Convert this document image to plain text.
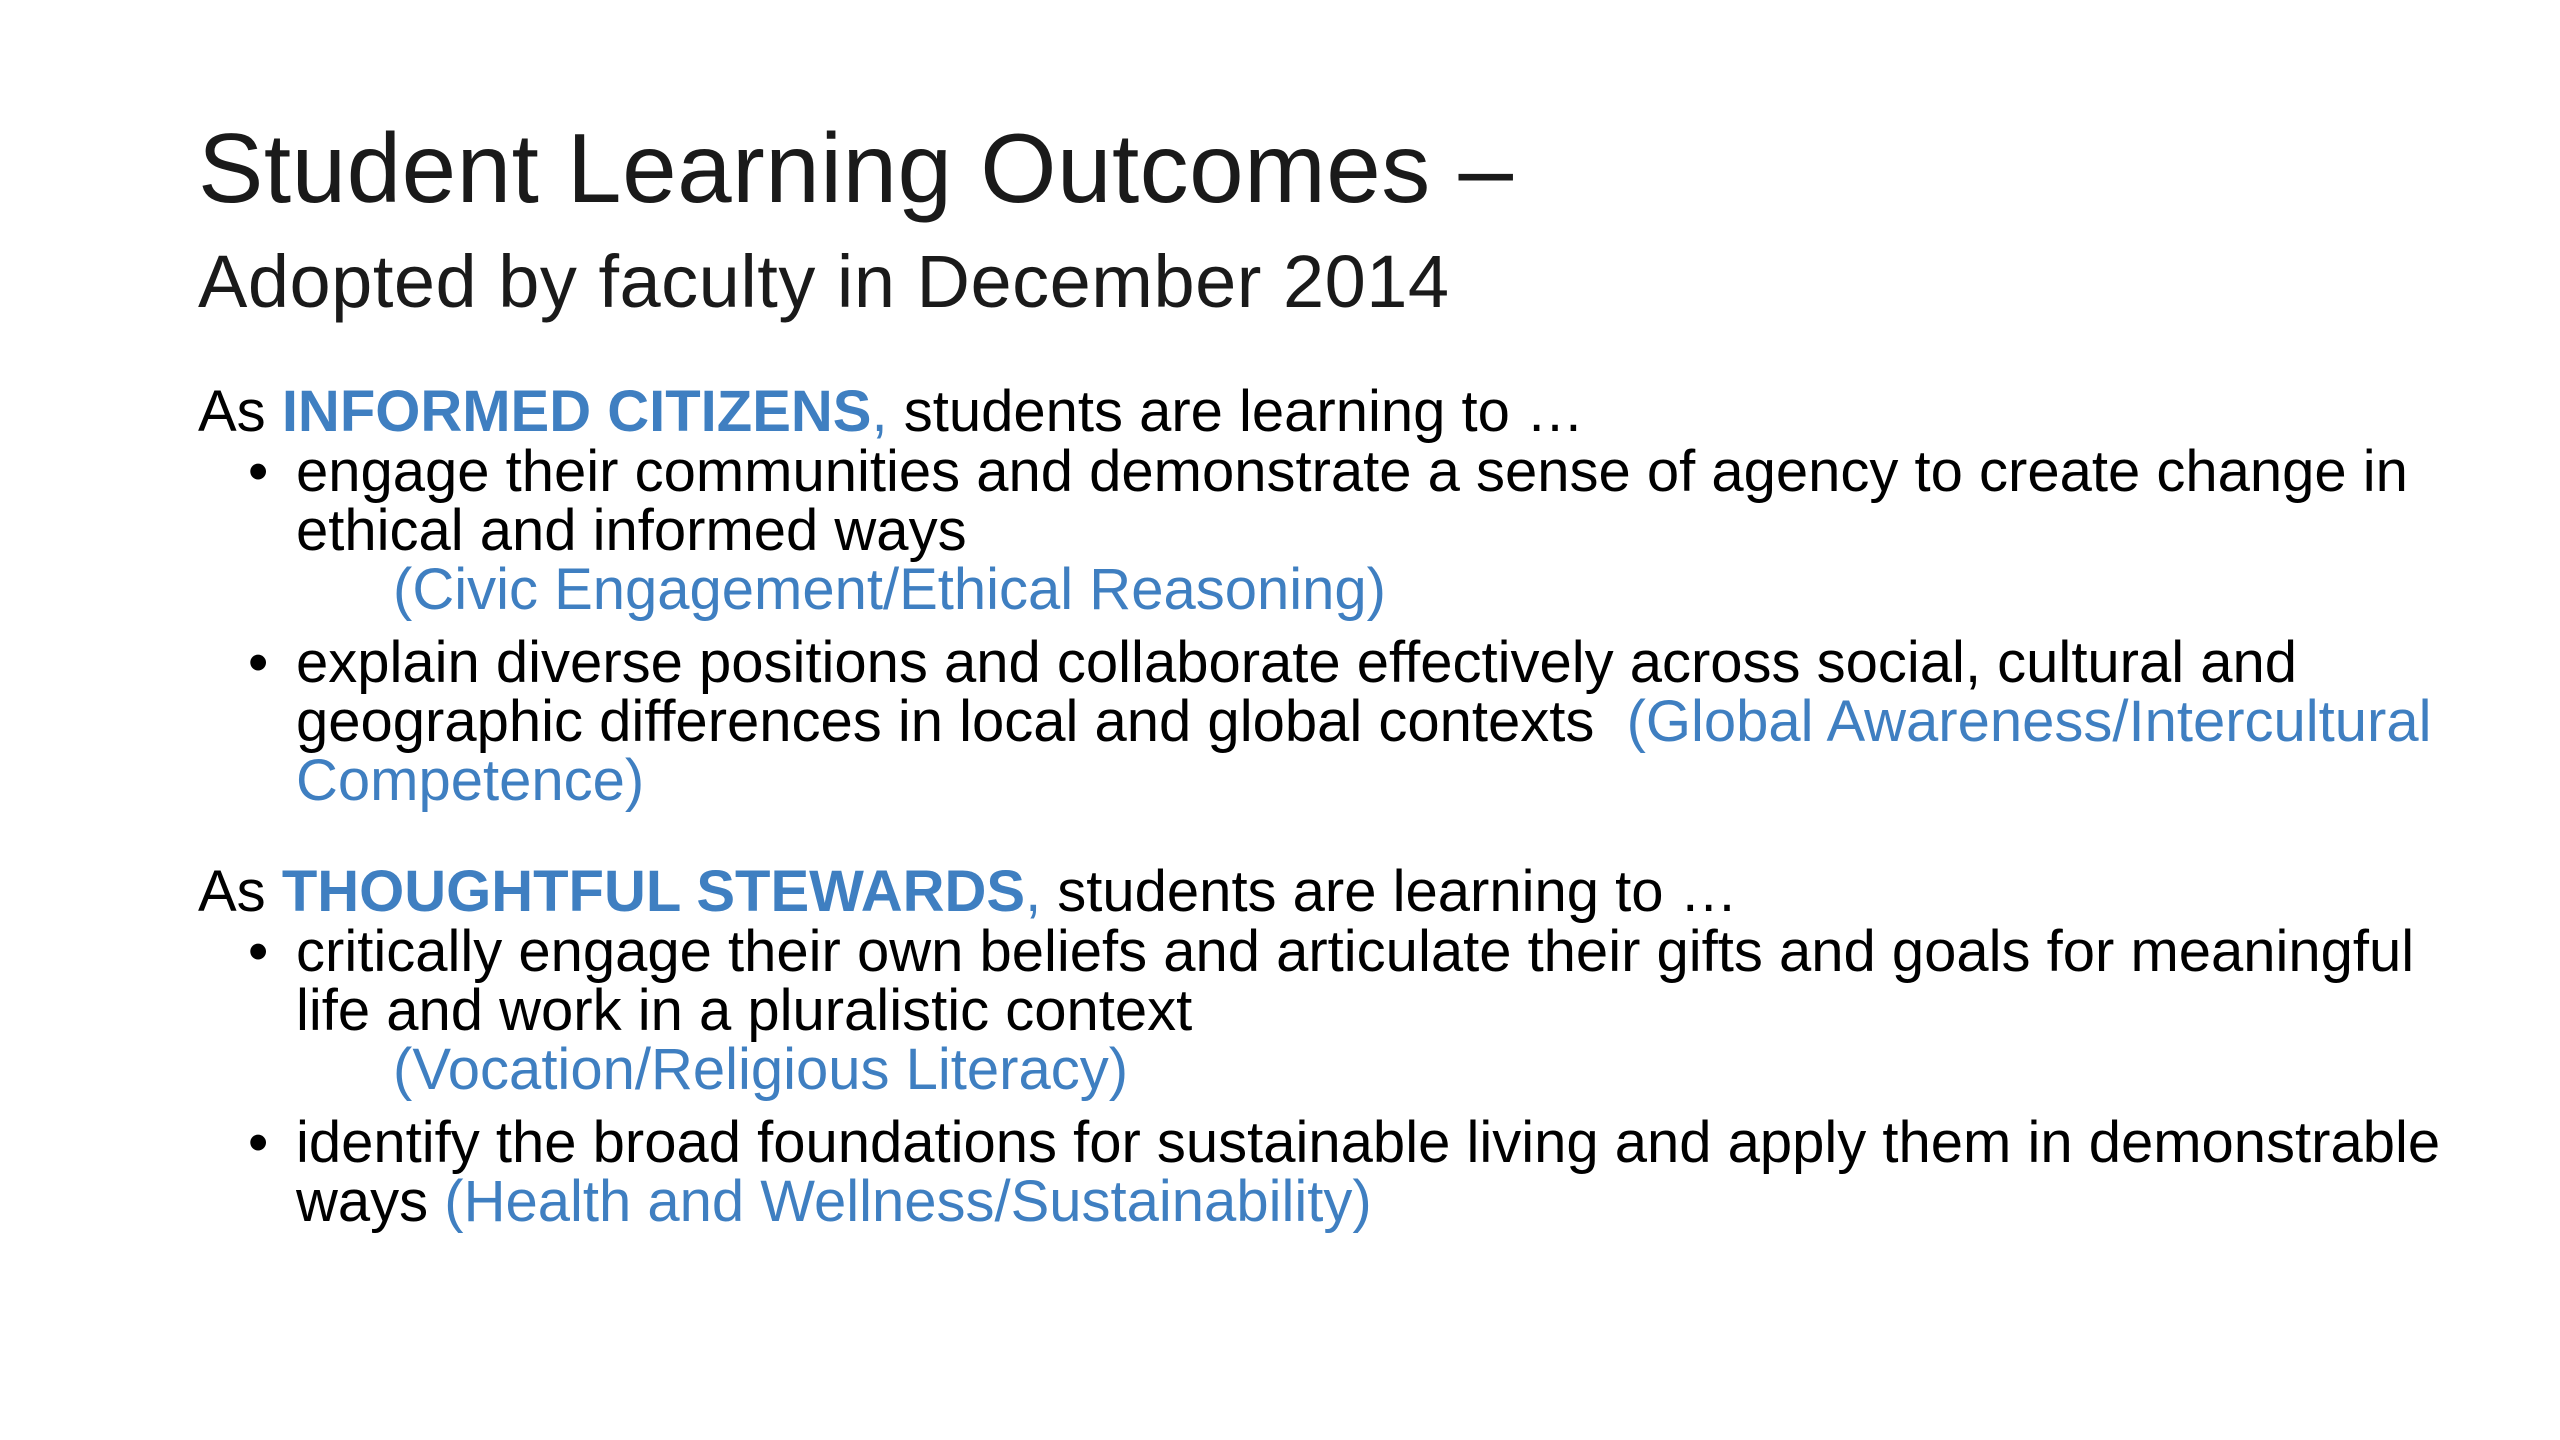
Student Learning Outcomes –
Adopted by faculty in December 2014
As INFORMED CITIZENS, students are learning to …
• engage their communities and demonstrate a sense of agency to create change in ethical and informed ways
(Civic Engagement/Ethical Reasoning)
• explain diverse positions and collaborate effectively across social, cultural and geographic differences in local and global contexts (Global Awareness/Intercultural Competence)
As THOUGHTFUL STEWARDS, students are learning to …
• critically engage their own beliefs and articulate their gifts and goals for meaningful life and work in a pluralistic context
(Vocation/Religious Literacy)
• identify the broad foundations for sustainable living and apply them in demonstrable ways (Health and Wellness/Sustainability)
